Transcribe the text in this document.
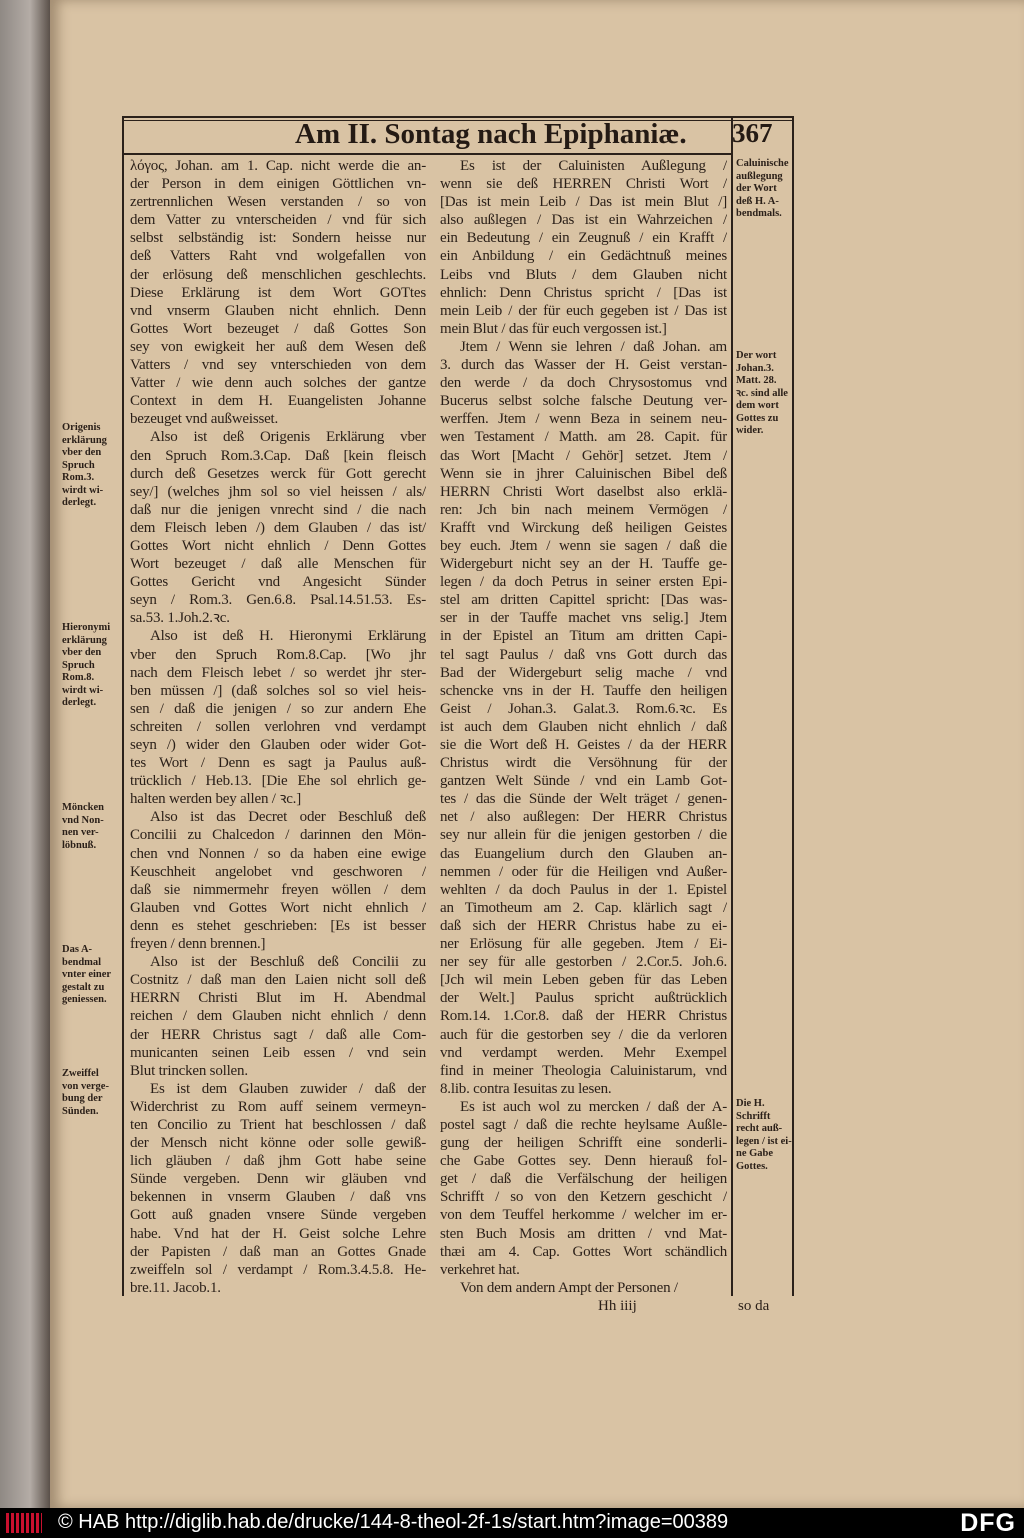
Am II. Sontag nach Epiphaniæ.	367
λόγος, Johan. am 1. Cap. nicht werde die an-
der Person in dem einigen Göttlichen vn-
zertrennlichen Wesen verstanden / so von
dem Vatter zu vnterscheiden / vnd für sich
selbst selbständig ist: Sondern heisse nur
deß Vatters Raht vnd wolgefallen von
der erlösung deß menschlichen geschlechts.
Diese Erklärung ist dem Wort GOTtes
vnd vnserm Glauben nicht ehnlich. Denn
Gottes Wort bezeuget / daß Gottes Son
sey von ewigkeit her auß dem Wesen deß
Vatters / vnd sey vnterschieden von dem
Vatter / wie denn auch solches der gantze
Context in dem H. Euangelisten Johanne
bezeuget vnd außweisset.
Also ist deß Origenis Erklärung vber
den Spruch Rom.3.Cap. Daß [kein fleisch
durch deß Gesetzes werck für Gott gerecht
sey/] (welches jhm sol so viel heissen / als/
daß nur die jenigen vnrecht sind / die nach
dem Fleisch leben /) dem Glauben / das ist/
Gottes Wort nicht ehnlich / Denn Gottes
Wort bezeuget / daß alle Menschen für
Gottes Gericht vnd Angesicht Sünder
seyn / Rom.3. Gen.6.8. Psal.14.51.53. Es-
sa.53. 1.Joh.2.ꝛc.
Also ist deß H. Hieronymi Erklärung
vber den Spruch Rom.8.Cap. [Wo jhr
nach dem Fleisch lebet / so werdet jhr ster-
ben müssen /] (daß solches sol so viel heis-
sen / daß die jenigen / so zur andern Ehe
schreiten / sollen verlohren vnd verdampt
seyn /) wider den Glauben oder wider Got-
tes Wort / Denn es sagt ja Paulus auß-
trücklich / Heb.13. [Die Ehe sol ehrlich ge-
halten werden bey allen / ꝛc.]
Also ist das Decret oder Beschluß deß
Concilii zu Chalcedon / darinnen den Mön-
chen vnd Nonnen / so da haben eine ewige
Keuschheit angelobet vnd geschworen /
daß sie nimmermehr freyen wöllen / dem
Glauben vnd Gottes Wort nicht ehnlich /
denn es stehet geschrieben: [Es ist besser
freyen / denn brennen.]
Also ist der Beschluß deß Concilii zu
Costnitz / daß man den Laien nicht soll deß
HERRN Christi Blut im H. Abendmal
reichen / dem Glauben nicht ehnlich / denn
der HERR Christus sagt / daß alle Com-
municanten seinen Leib essen / vnd sein
Blut trincken sollen.
Es ist dem Glauben zuwider / daß der
Widerchrist zu Rom auff seinem vermeyn-
ten Concilio zu Trient hat beschlossen / daß
der Mensch nicht könne oder solle gewiß-
lich gläuben / daß jhm Gott habe seine
Sünde vergeben. Denn wir gläuben vnd
bekennen in vnserm Glauben / daß vns
Gott auß gnaden vnsere Sünde vergeben
habe. Vnd hat der H. Geist solche Lehre
der Papisten / daß man an Gottes Gnade
zweiffeln sol / verdampt / Rom.3.4.5.8. He-
bre.11. Jacob.1.
Es ist der Caluinisten Außlegung /
wenn sie deß HERREN Christi Wort /
[Das ist mein Leib / Das ist mein Blut /]
also außlegen / Das ist ein Wahrzeichen /
ein Bedeutung / ein Zeugnuß / ein Krafft /
ein Anbildung / ein Gedächtnuß meines
Leibs vnd Bluts / dem Glauben nicht
ehnlich: Denn Christus spricht / [Das ist
mein Leib / der für euch gegeben ist / Das ist
mein Blut / das für euch vergossen ist.]
Jtem / Wenn sie lehren / daß Johan. am
3. durch das Wasser der H. Geist verstan-
den werde / da doch Chrysostomus vnd
Bucerus selbst solche falsche Deutung ver-
werffen. Jtem / wenn Beza in seinem neu-
wen Testament / Matth. am 28. Capit. für
das Wort [Macht / Gehör] setzet. Jtem /
Wenn sie in jhrer Caluinischen Bibel deß
HERRN Christi Wort daselbst also erklä-
ren: Jch bin nach meinem Vermögen /
Krafft vnd Wirckung deß heiligen Geistes
bey euch. Jtem / wenn sie sagen / daß die
Widergeburt nicht sey an der H. Tauffe ge-
legen / da doch Petrus in seiner ersten Epi-
stel am dritten Capittel spricht: [Das was-
ser in der Tauffe machet vns selig.] Jtem
in der Epistel an Titum am dritten Capi-
tel sagt Paulus / daß vns Gott durch das
Bad der Widergeburt selig mache / vnd
schencke vns in der H. Tauffe den heiligen
Geist / Johan.3. Galat.3. Rom.6.ꝛc. Es
ist auch dem Glauben nicht ehnlich / daß
sie die Wort deß H. Geistes / da der HERR
Christus wirdt die Versöhnung für der
gantzen Welt Sünde / vnd ein Lamb Got-
tes / das die Sünde der Welt träget / genen-
net / also außlegen: Der HERR Christus
sey nur allein für die jenigen gestorben / die
das Euangelium durch den Glauben an-
nemmen / oder für die Heiligen vnd Außer-
wehlten / da doch Paulus in der 1. Epistel
an Timotheum am 2. Cap. klärlich sagt /
daß sich der HERR Christus habe zu ei-
ner Erlösung für alle gegeben. Jtem / Ei-
ner sey für alle gestorben / 2.Cor.5. Joh.6.
[Jch wil mein Leben geben für das Leben
der Welt.] Paulus spricht außtrücklich
Rom.14. 1.Cor.8. daß der HERR Christus
auch für die gestorben sey / die da verloren
vnd verdampt werden. Mehr Exempel
find in meiner Theologia Caluinistarum, vnd
8.lib. contra Iesuitas zu lesen.
Es ist auch wol zu mercken / daß der A-
postel sagt / daß die rechte heylsame Außle-
gung der heiligen Schrifft eine sonderli-
che Gabe Gottes sey. Denn hierauß fol-
get / daß die Verfälschung der heiligen
Schrifft / so von den Ketzern geschicht /
von dem Teuffel herkomme / welcher im er-
sten Buch Mosis am dritten / vnd Mat-
thæi am 4. Cap. Gottes Wort schändlich
verkehret hat.
Von dem andern Ampt der Personen /
Origenis
erklärung
vber den
Spruch
Rom.3.
wirdt wi-
derlegt.
Hieronymi
erklärung
vber den
Spruch
Rom.8.
wirdt wi-
derlegt.
Möncken
vnd Non-
nen ver-
löbnuß.
Das A-
bendmal
vnter einer
gestalt zu
geniessen.
Zweiffel
von verge-
bung der
Sünden.
Caluinische
außlegung
der Wort
deß H. A-
bendmals.
Der wort
Johan.3.
Matt. 28.
ꝛc. sind alle
dem wort
Gottes zu
wider.
Die H.
Schrifft
recht auß-
legen / ist ei-
ne Gabe
Gottes.
Hh iiij	so da
© HAB http://diglib.hab.de/drucke/144-8-theol-2f-1s/start.htm?image=00389	DFG
